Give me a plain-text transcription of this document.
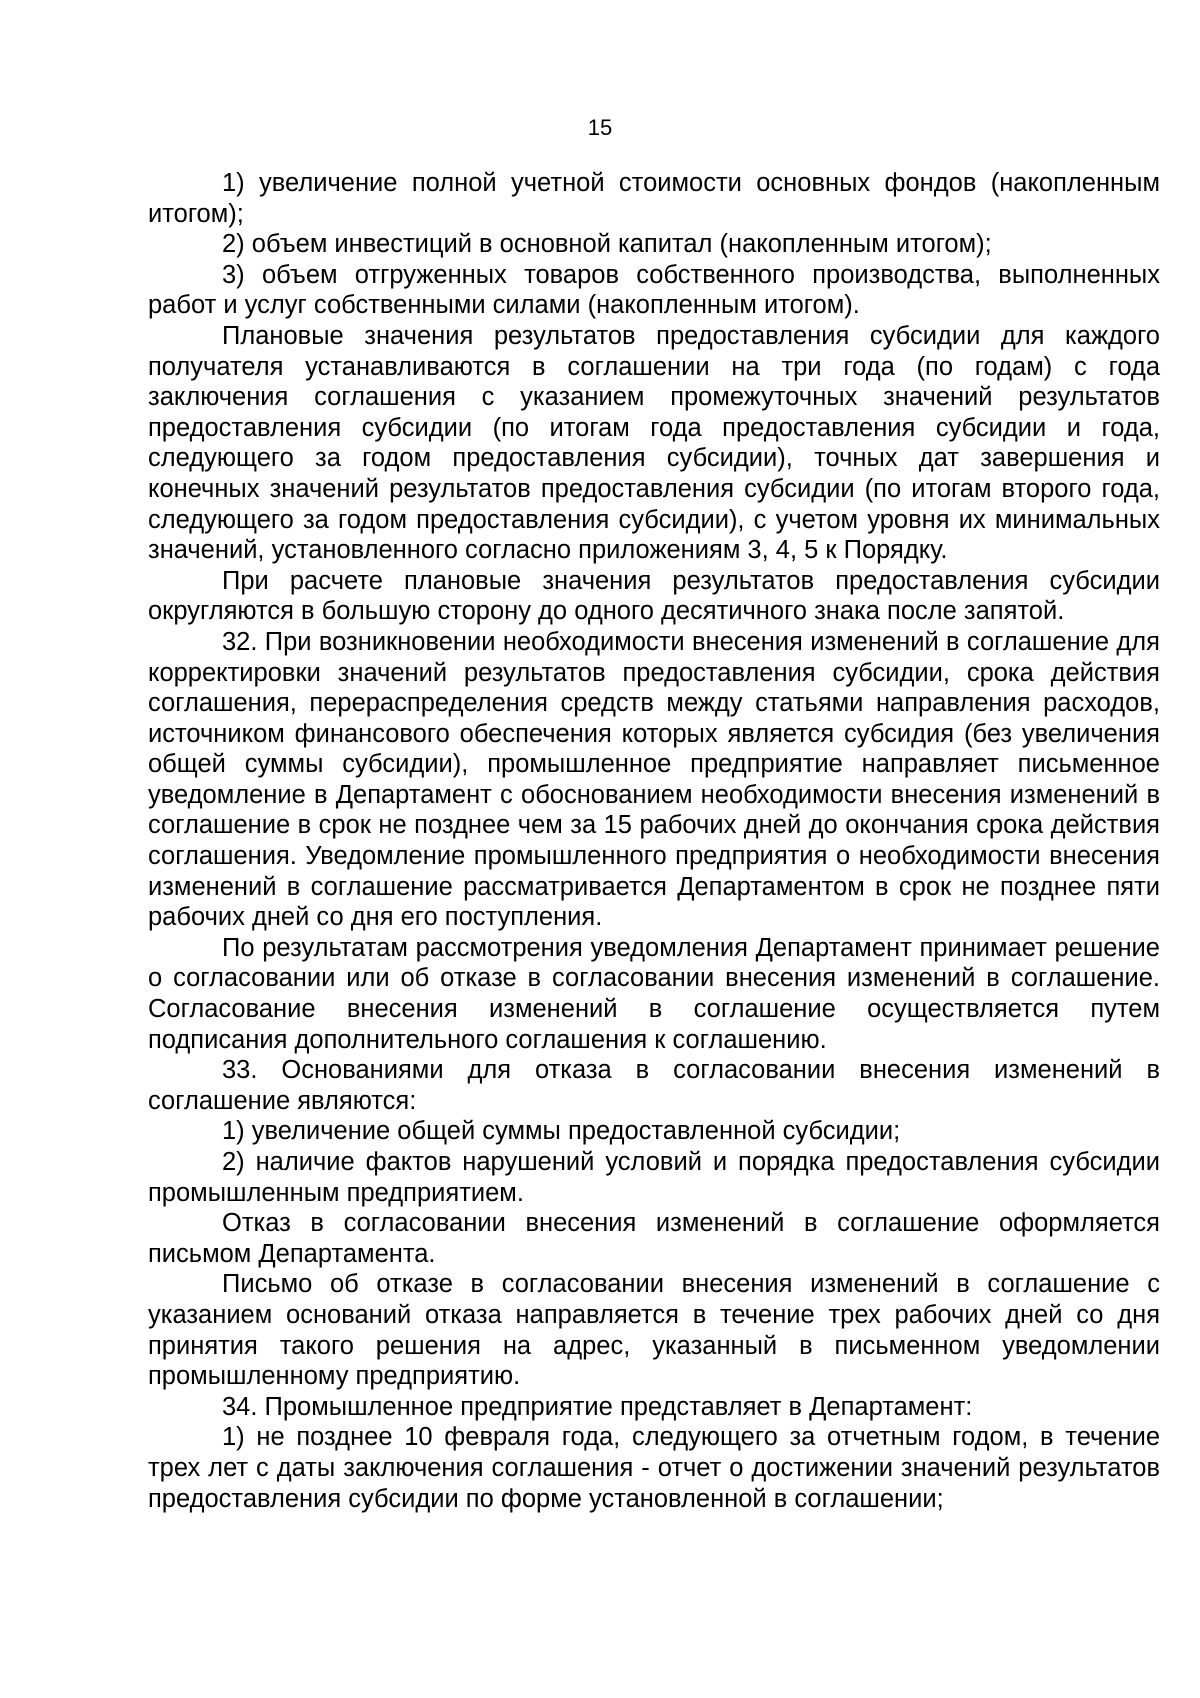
15

1) увеличение полной учетной стоимости основных фондов (накопленным итогом);

2) объем инвестиций в основной капитал (накопленным итогом);

3) объем отгруженных товаров собственного производства, выполненных работ и услуг собственными силами (накопленным итогом).

Плановые значения результатов предоставления субсидии для каждого получателя устанавливаются в соглашении на три года (по годам) с года заключения соглашения с указанием промежуточных значений результатов предоставления субсидии (по итогам года предоставления субсидии и года, следующего за годом предоставления субсидии), точных дат завершения и конечных значений результатов предоставления субсидии (по итогам второго года, следующего за годом предоставления субсидии), с учетом уровня их минимальных значений, установленного согласно приложениям 3, 4, 5 к Порядку.

При расчете плановые значения результатов предоставления субсидии округляются в большую сторону до одного десятичного знака после запятой.

32. При возникновении необходимости внесения изменений в соглашение для корректировки значений результатов предоставления субсидии, срока действия соглашения, перераспределения средств между статьями направления расходов, источником финансового обеспечения которых является субсидия (без увеличения общей суммы субсидии), промышленное предприятие направляет письменное уведомление в Департамент с обоснованием необходимости внесения изменений в соглашение в срок не позднее чем за 15 рабочих дней до окончания срока действия соглашения. Уведомление промышленного предприятия о необходимости внесения изменений в соглашение рассматривается Департаментом в срок не позднее пяти рабочих дней со дня его поступления.

По результатам рассмотрения уведомления Департамент принимает решение о согласовании или об отказе в согласовании внесения изменений в соглашение. Согласование внесения изменений в соглашение осуществляется путем подписания дополнительного соглашения к соглашению.

33. Основаниями для отказа в согласовании внесения изменений в соглашение являются:

1) увеличение общей суммы предоставленной субсидии;

2) наличие фактов нарушений условий и порядка предоставления субсидии промышленным предприятием.

Отказ в согласовании внесения изменений в соглашение оформляется письмом Департамента.

Письмо об отказе в согласовании внесения изменений в соглашение с указанием оснований отказа направляется в течение трех рабочих дней со дня принятия такого решения на адрес, указанный в письменном уведомлении промышленному предприятию.

34. Промышленное предприятие представляет в Департамент:

1) не позднее 10 февраля года, следующего за отчетным годом, в течение трех лет с даты заключения соглашения - отчет о достижении значений результатов предоставления субсидии по форме установленной в соглашении;
